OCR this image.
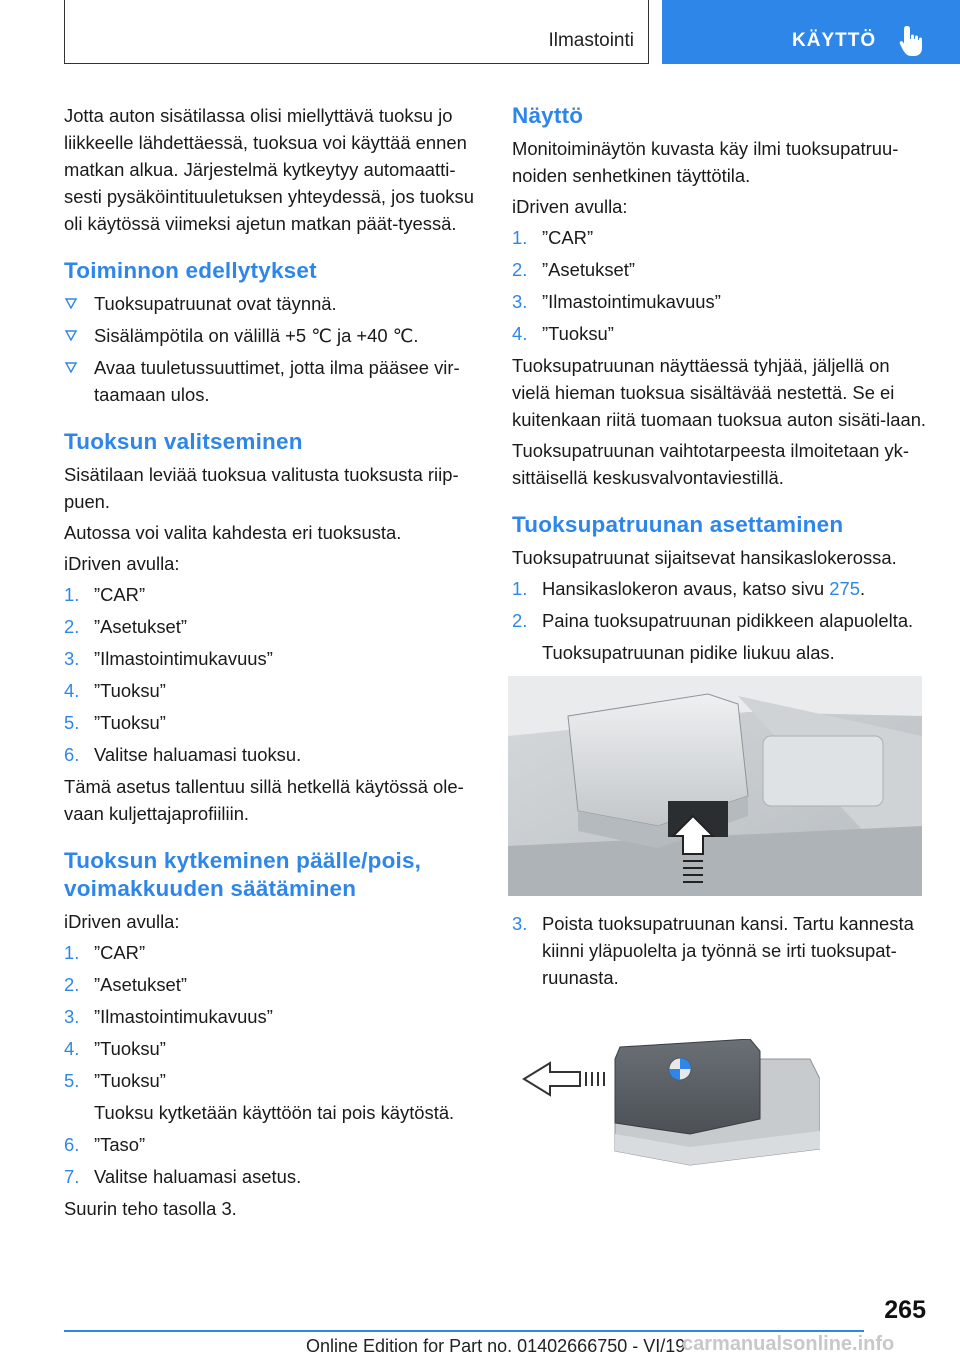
Ilmastointi	KÄYTTÖ

Jotta auton sisätilassa olisi miellyttävä tuoksu jo liikkeelle lähdettäessä, tuoksua voi käyttää ennen matkan alkua. Järjestelmä kytkeytyy automaatti-sesti pysäköintituuletuksen yhteydessä, jos tuoksu oli käytössä viimeksi ajetun matkan päät-tyessä.

Toiminnon edellytykset
Tuoksupatruunat ovat täynnä.
Sisälämpötila on välillä +5 ℃ ja +40 ℃.
Avaa tuuletussuuttimet, jotta ilma pääsee vir-taamaan ulos.
Tuoksun valitseminen

Sisätilaan leviää tuoksua valitusta tuoksusta riip-puen.

Autossa voi valita kahdesta eri tuoksusta.

iDriven avulla:

1. ”CAR”
2. ”Asetukset”
3. ”Ilmastointimukavuus”
4. ”Tuoksu”
5. ”Tuoksu”
6. Valitse haluamasi tuoksu.

Tämä asetus tallentuu sillä hetkellä käytössä ole-vaan kuljettajaprofiiliin.

Tuoksun kytkeminen päälle/pois, voimakkuuden säätäminen

iDriven avulla:

1. ”CAR”
2. ”Asetukset”
3. ”Ilmastointimukavuus”
4. ”Tuoksu”
5. ”Tuoksu”

Tuoksu kytketään käyttöön tai pois käytöstä.

6. ”Taso”
7. Valitse haluamasi asetus.

Suurin teho tasolla 3.

Näyttö

Monitoiminäytön kuvasta käy ilmi tuoksupatruu-noiden senhetkinen täyttötila.

iDriven avulla:

1. ”CAR”
2. ”Asetukset”
3. ”Ilmastointimukavuus”
4. ”Tuoksu”

Tuoksupatruunan näyttäessä tyhjää, jäljellä on vielä hieman tuoksua sisältävää nestettä. Se ei kuitenkaan riitä tuomaan tuoksua auton sisäti-laan.

Tuoksupatruunan vaihtotarpeesta ilmoitetaan yk-sittäisellä keskusvalvontaviestillä.

Tuoksupatruunan asettaminen

Tuoksupatruunat sijaitsevat hansikaslokerossa.

1. Hansikaslokeron avaus, katso sivu 275.
2. Paina tuoksupatruunan pidikkeen alapuolelta.

Tuoksupatruunan pidike liukuu alas.

3. Poista tuoksupatruunan kansi. Tartu kannesta kiinni yläpuolelta ja työnnä se irti tuoksupat-ruunasta.
265
Online Edition for Part no. 01402666750 - VI/19
carmanualsonline.info
